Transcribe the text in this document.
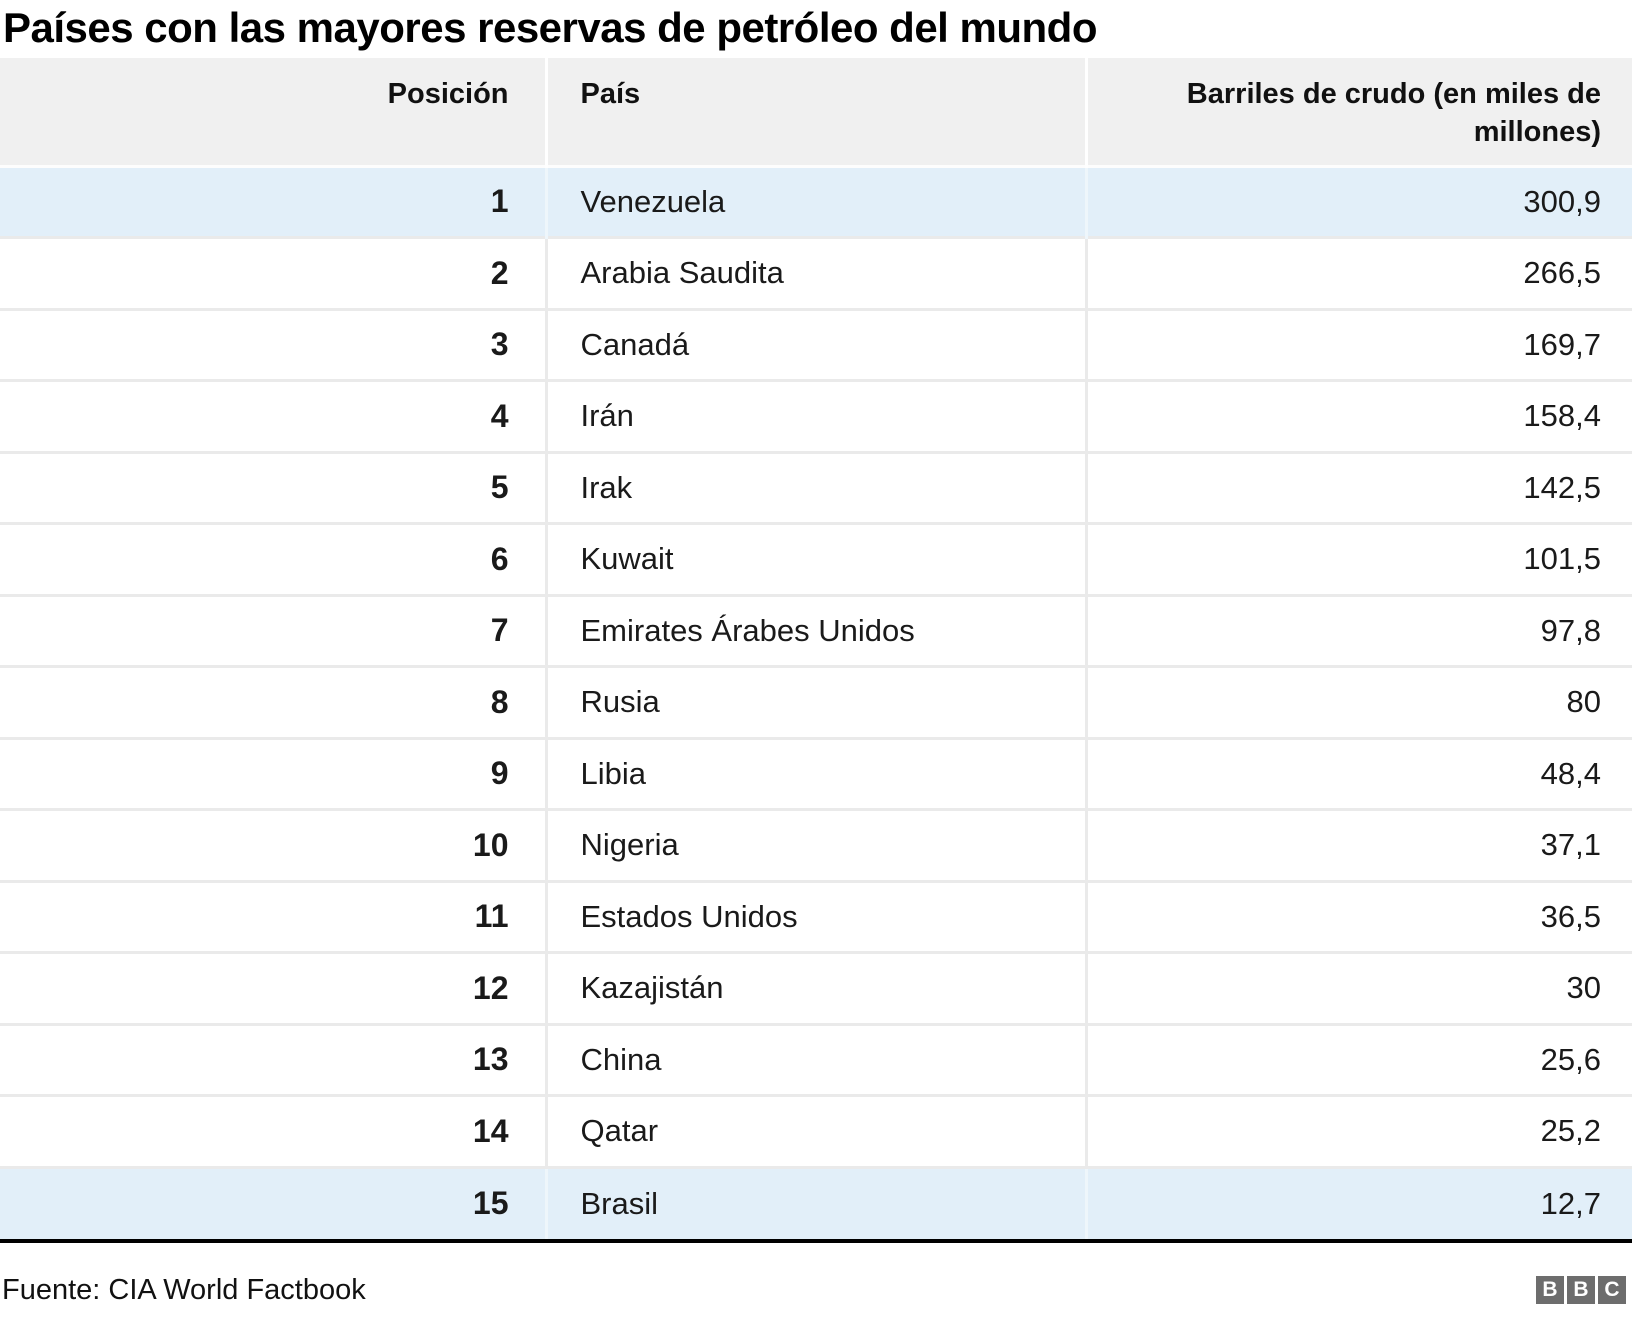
Países con las mayores reservas de petróleo del mundo
Posición	País	Barriles de crudo (en miles de millones)
1	Venezuela	300,9
2	Arabia Saudita	266,5
3	Canadá	169,7
4	Irán	158,4
5	Irak	142,5
6	Kuwait	101,5
7	Emirates Árabes Unidos	97,8
8	Rusia	80
9	Libia	48,4
10	Nigeria	37,1
11	Estados Unidos	36,5
12	Kazajistán	30
13	China	25,6
14	Qatar	25,2
15	Brasil	12,7
Fuente: CIA World Factbook	B B C
